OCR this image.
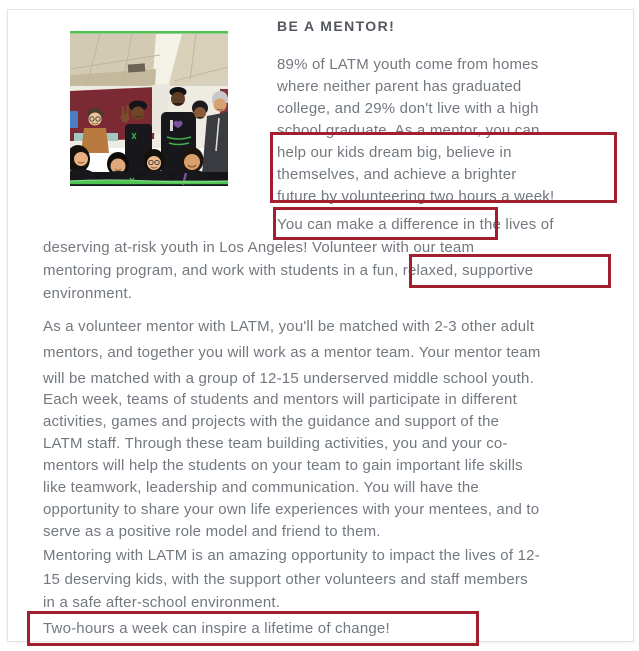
BE A MENTOR!
89% of LATM youth come from homes
where neither parent has graduated
college, and 29% don't live with a high
school graduate. As a mentor, you can
help our kids dream big, believe in
themselves, and achieve a brighter
future by volunteering two hours a week!
You can make a difference in the lives of
deserving at-risk youth in Los Angeles! Volunteer with our team
mentoring program, and work with students in a fun, relaxed, supportive
environment.
As a volunteer mentor with LATM, you'll be matched with 2-3 other adult
mentors, and together you will work as a mentor team. Your mentor team
will be matched with a group of 12-15 underserved middle school youth.
Each week, teams of students and mentors will participate in different
activities, games and projects with the guidance and support of the
LATM staff. Through these team building activities, you and your co-
mentors will help the students on your team to gain important life skills
like teamwork, leadership and communication. You will have the
opportunity to share your own life experiences with your mentees, and to
serve as a positive role model and friend to them.
Mentoring with LATM is an amazing opportunity to impact the lives of 12-
15 deserving kids, with the support other volunteers and staff members
in a safe after-school environment.
Two-hours a week can inspire a lifetime of change!
